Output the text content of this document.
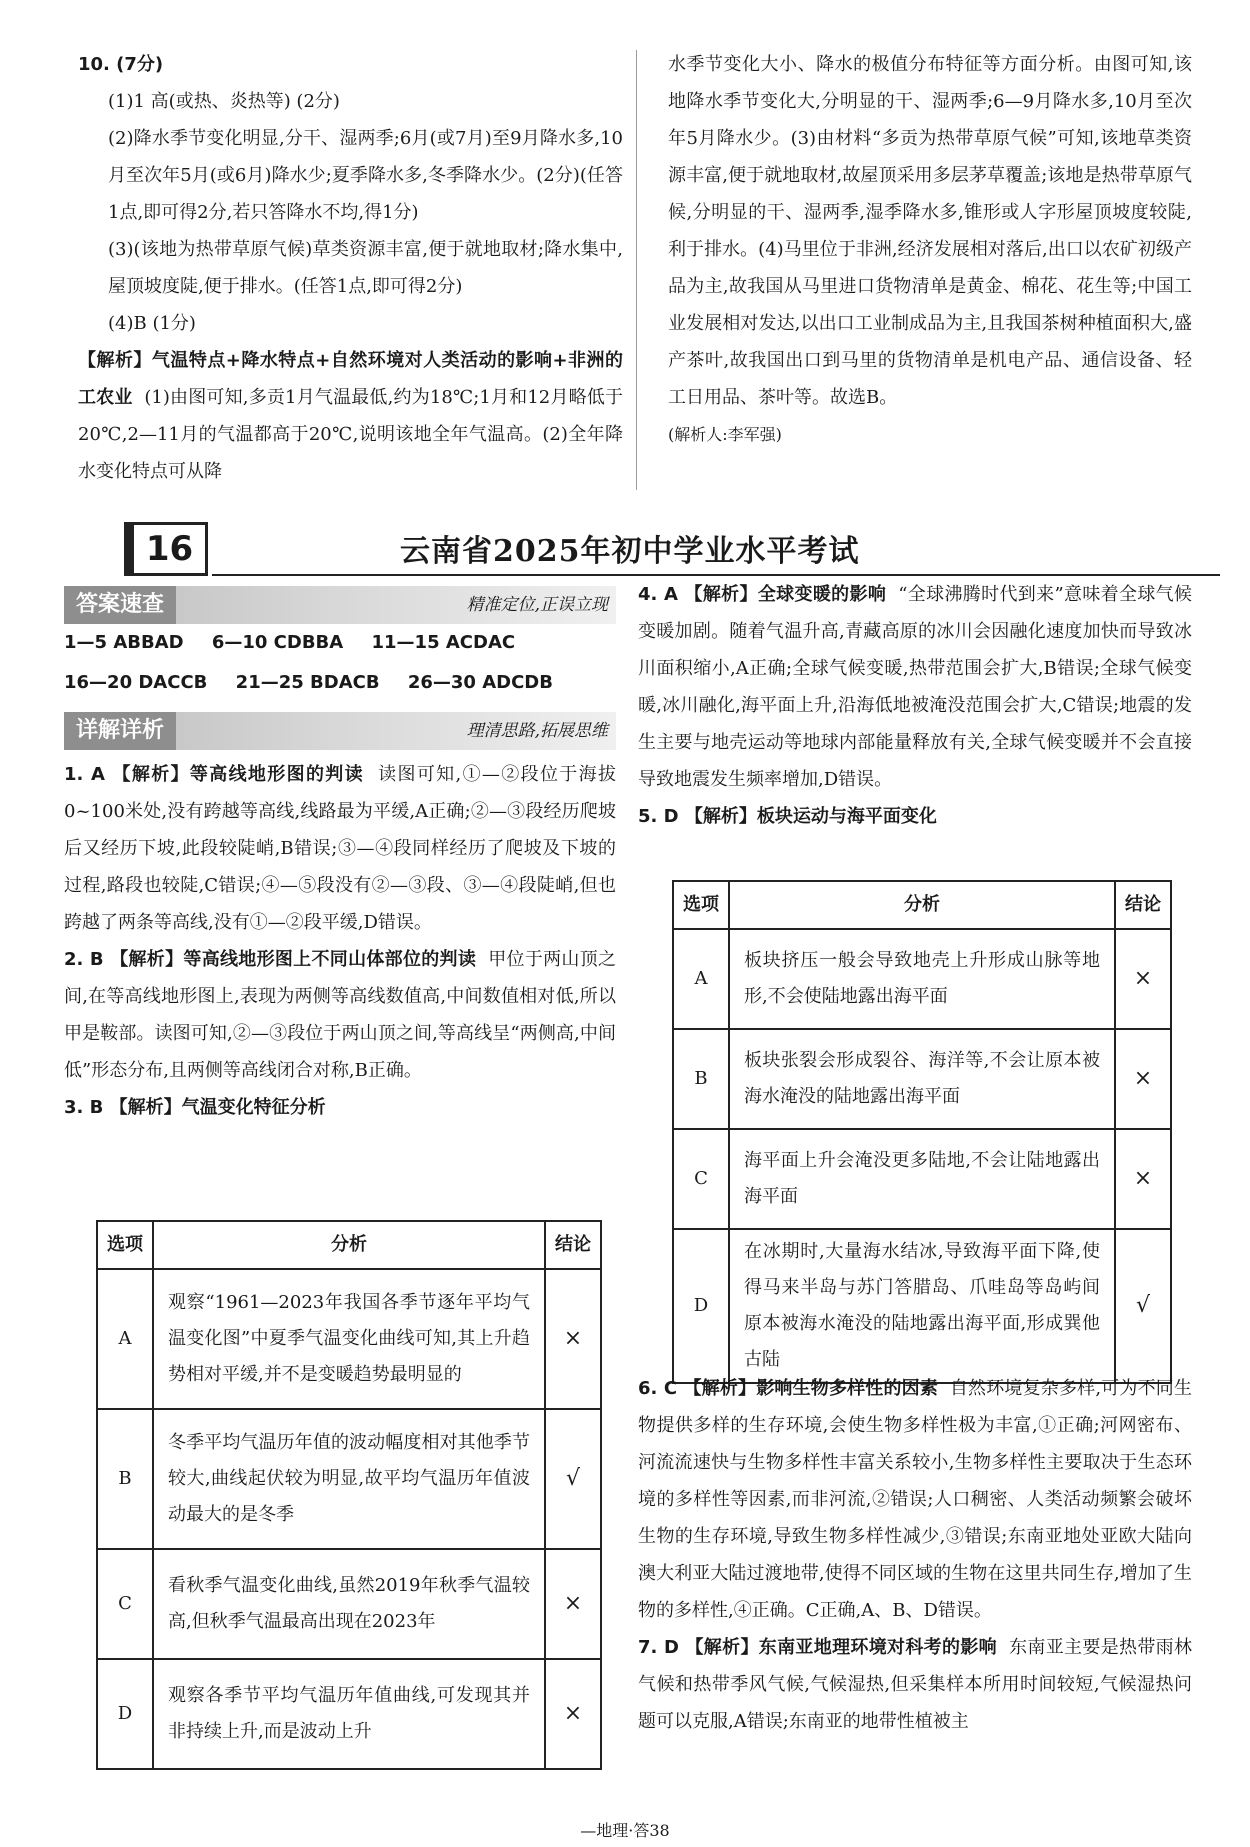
10. (7分)

(1)1 高(或热、炎热等) (2分)

(2)降水季节变化明显,分干、湿两季;6月(或7月)至9月降水多,10月至次年5月(或6月)降水少;夏季降水多,冬季降水少。(2分)(任答1点,即可得2分,若只答降水不均,得1分)

(3)(该地为热带草原气候)草类资源丰富,便于就地取材;降水集中,屋顶坡度陡,便于排水。(任答1点,即可得2分)

(4)B (1分)

【解析】气温特点+降水特点+自然环境对人类活动的影响+非洲的工农业 (1)由图可知,多贡1月气温最低,约为18℃;1月和12月略低于20℃,2—11月的气温都高于20℃,说明该地全年气温高。(2)全年降水变化特点可从降

水季节变化大小、降水的极值分布特征等方面分析。由图可知,该地降水季节变化大,分明显的干、湿两季;6—9月降水多,10月至次年5月降水少。(3)由材料“多贡为热带草原气候”可知,该地草类资源丰富,便于就地取材,故屋顶采用多层茅草覆盖;该地是热带草原气候,分明显的干、湿两季,湿季降水多,锥形或人字形屋顶坡度较陡,利于排水。(4)马里位于非洲,经济发展相对落后,出口以农矿初级产品为主,故我国从马里进口货物清单是黄金、棉花、花生等;中国工业发展相对发达,以出口工业制成品为主,且我国茶树种植面积大,盛产茶叶,故我国出口到马里的货物清单是机电产品、通信设备、轻工日用品、茶叶等。故选B。

(解析人:李军强)

16	云南省2025年初中学业水平考试
答案速查	精准定位,正误立现
1—5 ABBAD 6—10 CDBBA 11—15 ACDAC
16—20 DACCB 21—25 BDACB 26—30 ADCDB
详解详析	理清思路,拓展思维

1. A 【解析】等高线地形图的判读 读图可知,①—②段位于海拔0~100米处,没有跨越等高线,线路最为平缓,A正确;②—③段经历爬坡后又经历下坡,此段较陡峭,B错误;③—④段同样经历了爬坡及下坡的过程,路段也较陡,C错误;④—⑤段没有②—③段、③—④段陡峭,但也跨越了两条等高线,没有①—②段平缓,D错误。

2. B 【解析】等高线地形图上不同山体部位的判读 甲位于两山顶之间,在等高线地形图上,表现为两侧等高线数值高,中间数值相对低,所以甲是鞍部。读图可知,②—③段位于两山顶之间,等高线呈“两侧高,中间低”形态分布,且两侧等高线闭合对称,B正确。

3. B 【解析】气温变化特征分析

选项	分析	结论
A	观察“1961—2023年我国各季节逐年平均气温变化图”中夏季气温变化曲线可知,其上升趋势相对平缓,并不是变暖趋势最明显的	×
B	冬季平均气温历年值的波动幅度相对其他季节较大,曲线起伏较为明显,故平均气温历年值波动最大的是冬季	√
C	看秋季气温变化曲线,虽然2019年秋季气温较高,但秋季气温最高出现在2023年	×
D	观察各季节平均气温历年值曲线,可发现其并非持续上升,而是波动上升	×

4. A 【解析】全球变暖的影响 “全球沸腾时代到来”意味着全球气候变暖加剧。随着气温升高,青藏高原的冰川会因融化速度加快而导致冰川面积缩小,A正确;全球气候变暖,热带范围会扩大,B错误;全球气候变暖,冰川融化,海平面上升,沿海低地被淹没范围会扩大,C错误;地震的发生主要与地壳运动等地球内部能量释放有关,全球气候变暖并不会直接导致地震发生频率增加,D错误。

5. D 【解析】板块运动与海平面变化

选项	分析	结论
A	板块挤压一般会导致地壳上升形成山脉等地形,不会使陆地露出海平面	×
B	板块张裂会形成裂谷、海洋等,不会让原本被海水淹没的陆地露出海平面	×
C	海平面上升会淹没更多陆地,不会让陆地露出海平面	×
D	在冰期时,大量海水结冰,导致海平面下降,使得马来半岛与苏门答腊岛、爪哇岛等岛屿间原本被海水淹没的陆地露出海平面,形成巽他古陆	√

6. C 【解析】影响生物多样性的因素 自然环境复杂多样,可为不同生物提供多样的生存环境,会使生物多样性极为丰富,①正确;河网密布、河流流速快与生物多样性丰富关系较小,生物多样性主要取决于生态环境的多样性等因素,而非河流,②错误;人口稠密、人类活动频繁会破坏生物的生存环境,导致生物多样性减少,③错误;东南亚地处亚欧大陆向澳大利亚大陆过渡地带,使得不同区域的生物在这里共同生存,增加了生物的多样性,④正确。C正确,A、B、D错误。

7. D 【解析】东南亚地理环境对科考的影响 东南亚主要是热带雨林气候和热带季风气候,气候湿热,但采集样本所用时间较短,气候湿热问题可以克服,A错误;东南亚的地带性植被主

—地理·答38
